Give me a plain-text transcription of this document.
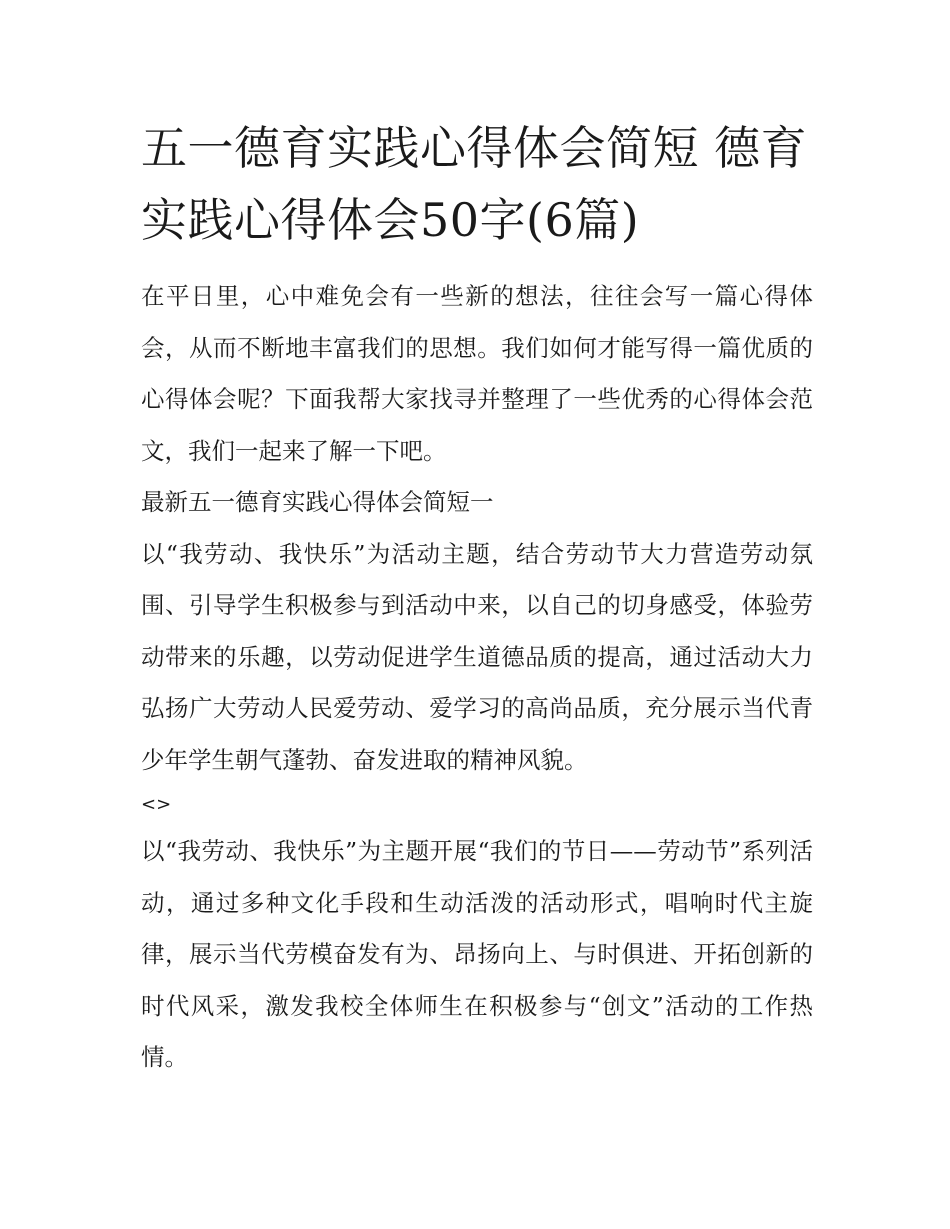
五一德育实践心得体会简短 德育实践心得体会50字(6篇)

在平日里，心中难免会有一些新的想法，往往会写一篇心得体会，从而不断地丰富我们的思想。我们如何才能写得一篇优质的心得体会呢？下面我帮大家找寻并整理了一些优秀的心得体会范文，我们一起来了解一下吧。

最新五一德育实践心得体会简短一

以“我劳动、我快乐”为活动主题，结合劳动节大力营造劳动氛围、引导学生积极参与到活动中来，以自己的切身感受，体验劳动带来的乐趣，以劳动促进学生道德品质的提高，通过活动大力弘扬广大劳动人民爱劳动、爱学习的高尚品质，充分展示当代青少年学生朝气蓬勃、奋发进取的精神风貌。

<>

以“我劳动、我快乐”为主题开展“我们的节日——劳动节”系列活动，通过多种文化手段和生动活泼的活动形式，唱响时代主旋律，展示当代劳模奋发有为、昂扬向上、与时俱进、开拓创新的时代风采，激发我校全体师生在积极参与“创文”活动的工作热情。
